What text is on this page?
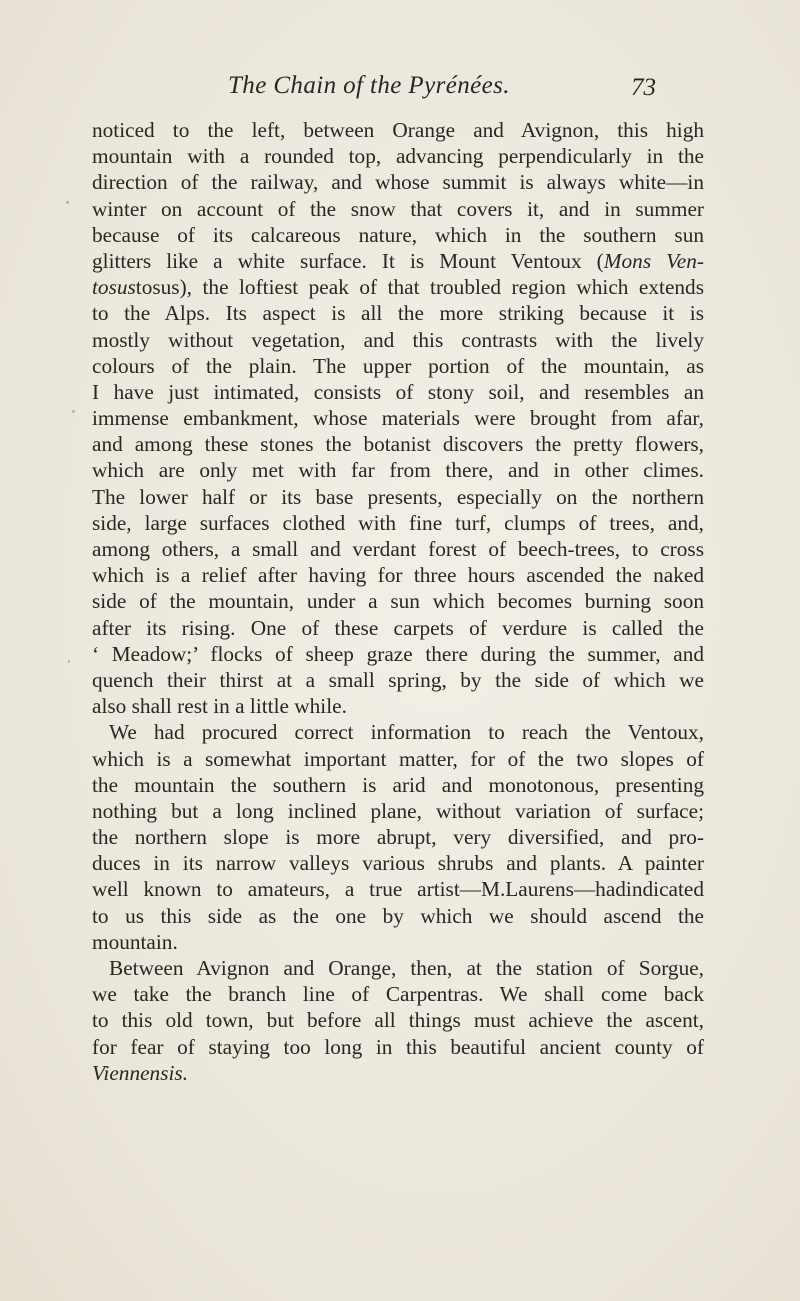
The Chain of the Pyrénées.	73
noticed to the left, between Orange and Avignon, this high
mountain with a rounded top, advancing perpendicularly in the
direction of the railway, and whose summit is always white—in
winter on account of the snow that covers it, and in summer
because of its calcareous nature, which in the southern sun
glitters like a white surface. It is Mount Ventoux (Mons Ven-
tosustosus), the loftiest peak of that troubled region which extends
to the Alps. Its aspect is all the more striking because it is
mostly without vegetation, and this contrasts with the lively
colours of the plain. The upper portion of the mountain, as
I have just intimated, consists of stony soil, and resembles an
immense embankment, whose materials were brought from afar,
and among these stones the botanist discovers the pretty flowers,
which are only met with far from there, and in other climes.
The lower half or its base presents, especially on the northern
side, large surfaces clothed with fine turf, clumps of trees, and,
among others, a small and verdant forest of beech-trees, to cross
which is a relief after having for three hours ascended the naked
side of the mountain, under a sun which becomes burning soon
after its rising. One of these carpets of verdure is called the
‘ Meadow;’ flocks of sheep graze there during the summer, and
quench their thirst at a small spring, by the side of which we
also shall rest in a little while.
We had procured correct information to reach the Ventoux,
which is a somewhat important matter, for of the two slopes of
the mountain the southern is arid and monotonous, presenting
nothing but a long inclined plane, without variation of surface;
the northern slope is more abrupt, very diversified, and pro-
duces in its narrow valleys various shrubs and plants. A painter
well known to amateurs, a true artist—M.Laurens—hadindicated
to us this side as the one by which we should ascend the
mountain.
Between Avignon and Orange, then, at the station of Sorgue,
we take the branch line of Carpentras. We shall come back
to this old town, but before all things must achieve the ascent,
for fear of staying too long in this beautiful ancient county of
Viennensis.
